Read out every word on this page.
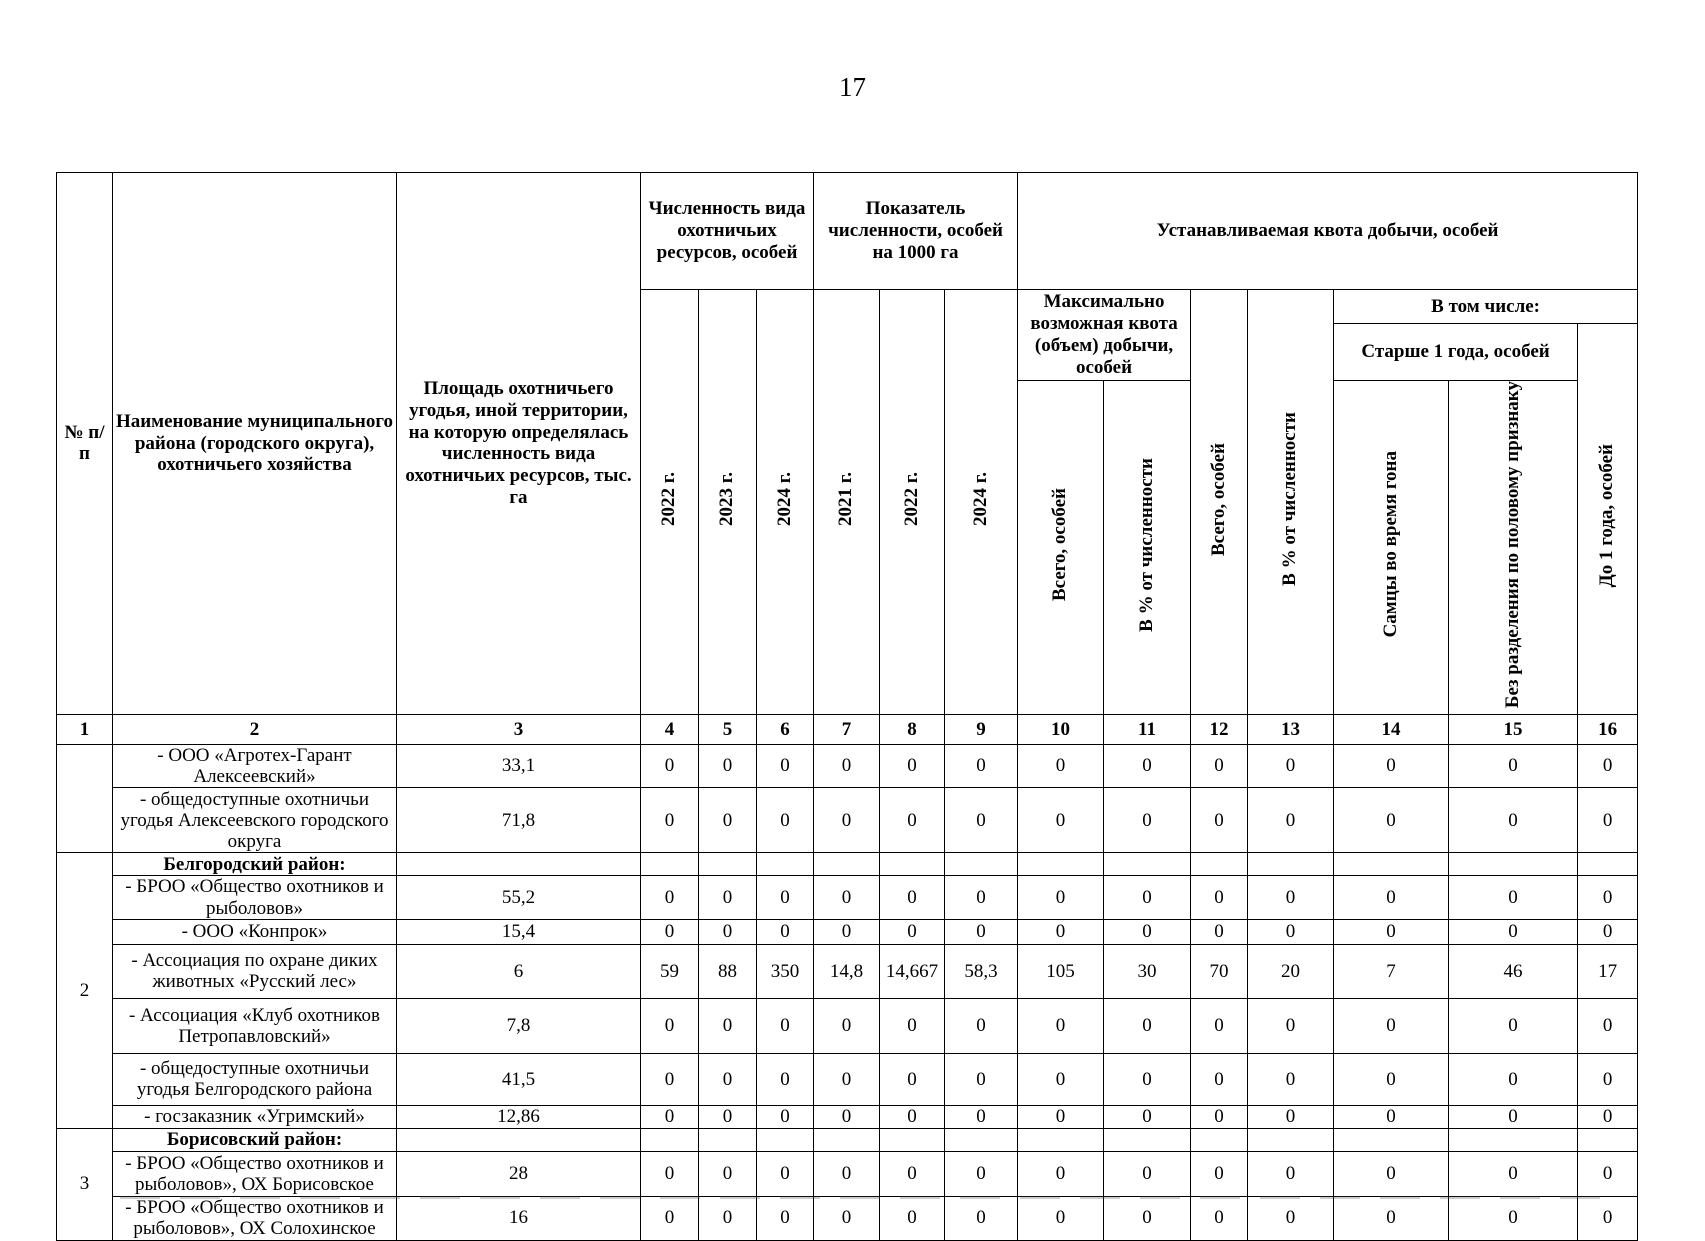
17
№ п/п	Наименование муниципального района (городского округа), охотничьего хозяйства	Площадь охотничьего угодья, иной территории, на которую определялась численность вида охотничьих ресурсов, тыс. га	Численность вида охотничьих ресурсов, особей			Показатель численности, особей на 1000 га			Устанавливаемая квота добычи, особей						
			2022 г.	2023 г.	2024 г.	2021 г.	2022 г.	2024 г.	Максимально возможная квота (объем) добычи, особей		Всего, особей	В % от численности	В том числе:		
													Старше 1 года, особей		До 1 года, особей
									Всего, особей	В % от численности			Самцы во время гона	Без разделения по половому признаку	
1	2	3	4	5	6	7	8	9	10	11	12	13	14	15	16
	- ООО «Агротех-Гарант Алексеевский»	33,1	0	0	0	0	0	0	0	0	0	0	0	0	0
	- общедоступные охотничьи угодья Алексеевского городского округа	71,8	0	0	0	0	0	0	0	0	0	0	0	0	0
2	Белгородский район:														
	- БРОО «Общество охотников и рыболовов»	55,2	0	0	0	0	0	0	0	0	0	0	0	0	0
	- ООО «Конпрок»	15,4	0	0	0	0	0	0	0	0	0	0	0	0	0
	- Ассоциация по охране диких животных «Русский лес»	6	59	88	350	14,8	14,667	58,3	105	30	70	20	7	46	17
	- Ассоциация «Клуб охотников Петропавловский»	7,8	0	0	0	0	0	0	0	0	0	0	0	0	0
	- общедоступные охотничьи угодья Белгородского района	41,5	0	0	0	0	0	0	0	0	0	0	0	0	0
	- госзаказник «Угримский»	12,86	0	0	0	0	0	0	0	0	0	0	0	0	0
3	Борисовский район:														
	- БРОО «Общество охотников и рыболовов», ОХ Борисовское	28	0	0	0	0	0	0	0	0	0	0	0	0	0
	- БРОО «Общество охотников и рыболовов», ОХ Солохинское	16	0	0	0	0	0	0	0	0	0	0	0	0	0
